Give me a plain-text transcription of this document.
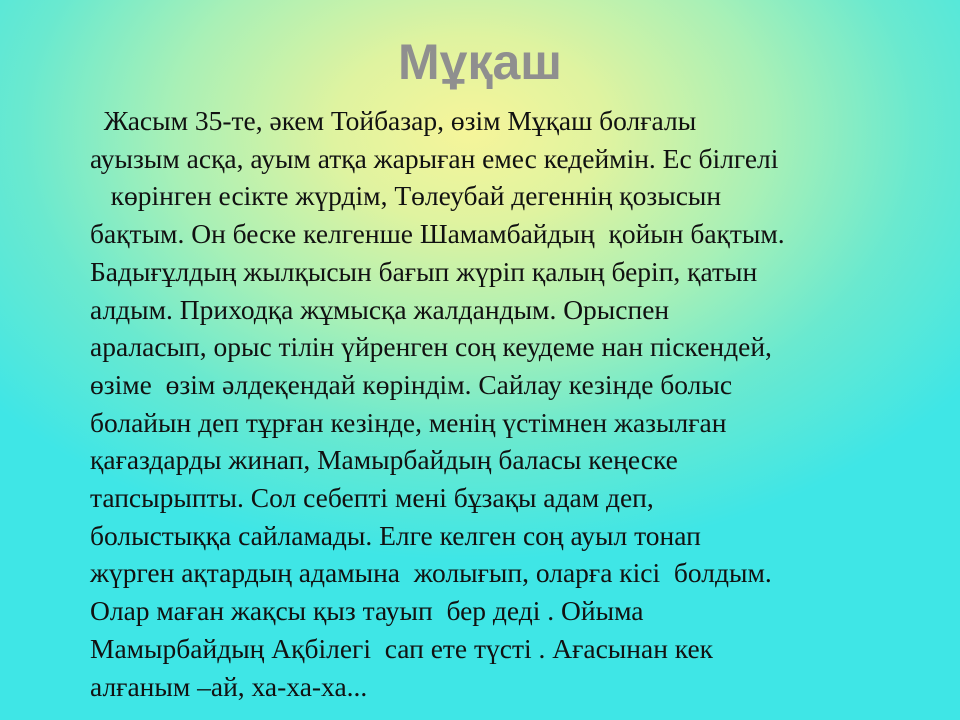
Мұқаш
Жасым 35-те, әкем Тойбазар, өзім Мұқаш болғалы
ауызым асқа, ауым атқа жарыған емес кедеймін. Ес білгелі
көрінген есікте жүрдім, Төлеубай дегеннің қозысын
бақтым. Он беске келгенше Шамамбайдың  қойын бақтым.
Бадығұлдың жылқысын бағып жүріп қалың беріп, қатын
алдым. Приходқа жұмысқа жалдандым. Орыспен
араласып, орыс тілін үйренген соң кеудеме нан піскендей,
өзіме  өзім әлдеқендай көріндім. Сайлау кезінде болыс
болайын деп тұрған кезінде, менің үстімнен жазылған
қағаздарды жинап, Мамырбайдың баласы кеңеске
тапсырыпты. Сол себепті мені бұзақы адам деп,
болыстыққа сайламады. Елге келген соң ауыл тонап
жүрген ақтардың адамына  жолығып, оларға кісі  болдым.
Олар маған жақсы қыз тауып  бер деді . Ойыма
Мамырбайдың Ақбілегі  сап ете түсті . Ағасынан кек
алғаным –ай, ха-ха-ха...
